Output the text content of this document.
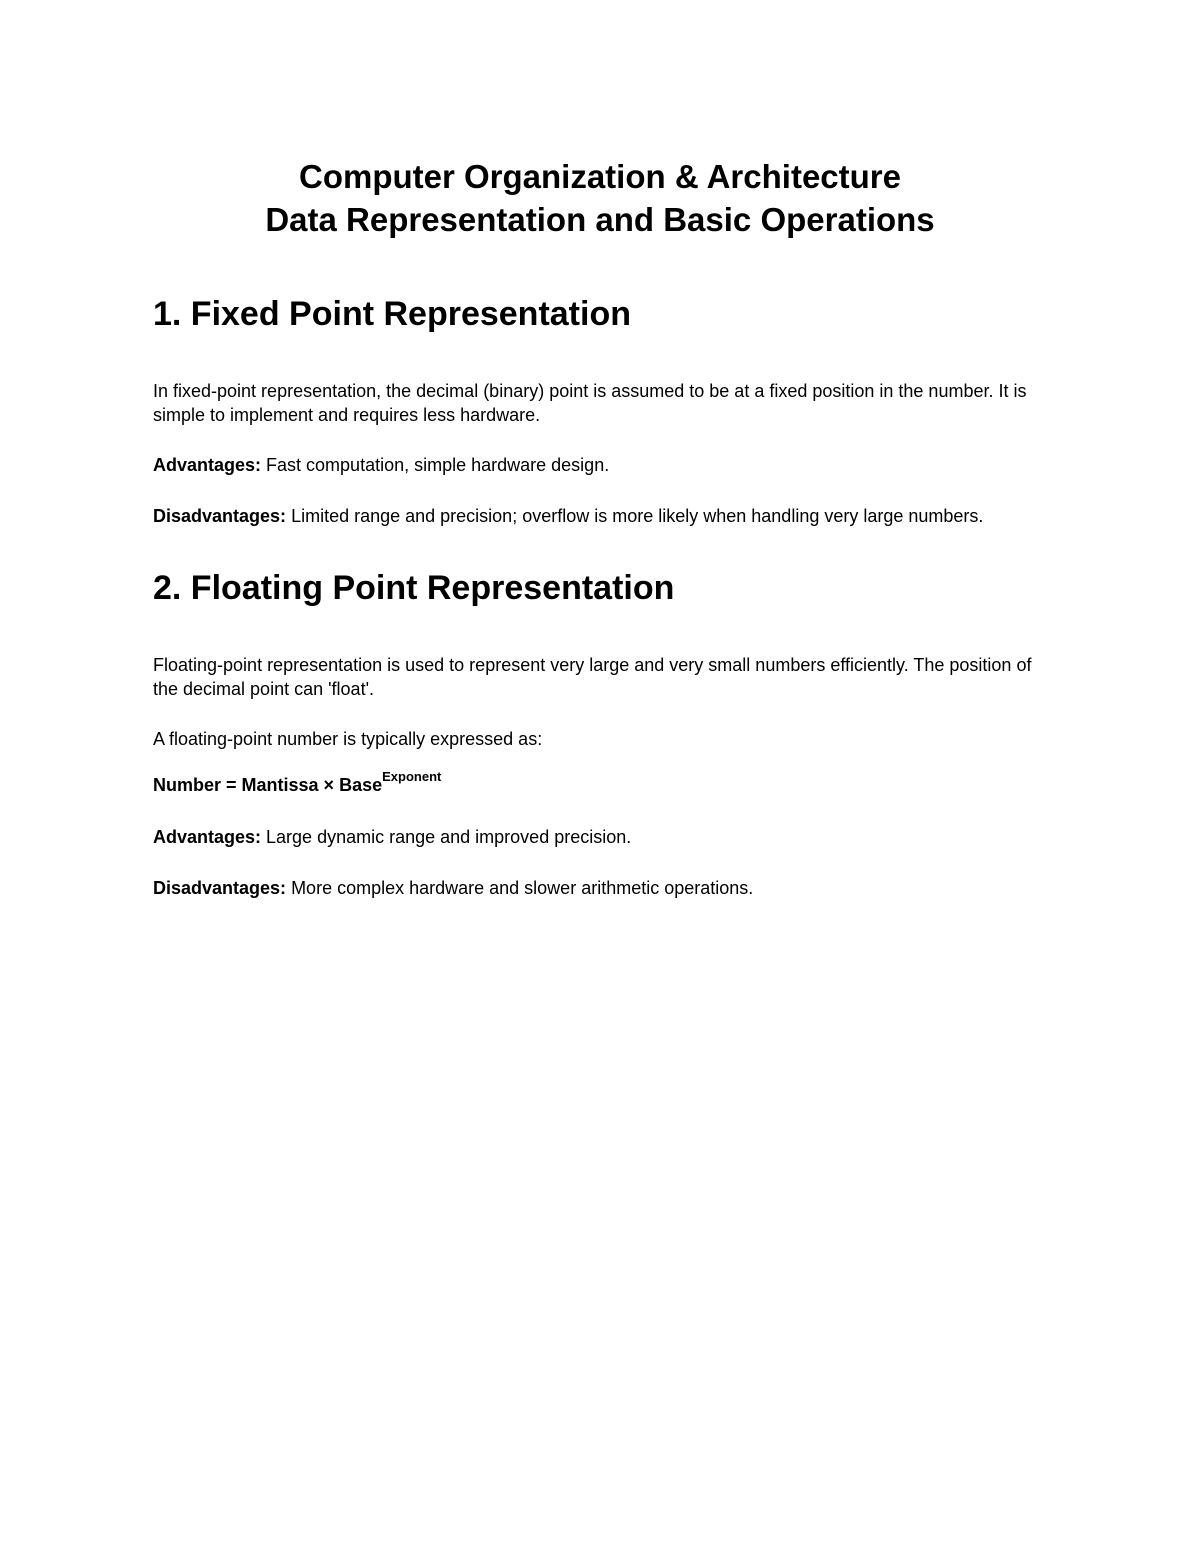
Computer Organization & Architecture
Data Representation and Basic Operations
1. Fixed Point Representation

In fixed-point representation, the decimal (binary) point is assumed to be at a fixed position in the number. It is simple to implement and requires less hardware.

Advantages: Fast computation, simple hardware design.

Disadvantages: Limited range and precision; overflow is more likely when handling very large numbers.

2. Floating Point Representation

Floating-point representation is used to represent very large and very small numbers efficiently. The position of the decimal point can 'float'.

A floating-point number is typically expressed as:

Number = Mantissa × Base$^{Exponent}$

Advantages: Large dynamic range and improved precision.

Disadvantages: More complex hardware and slower arithmetic operations.
